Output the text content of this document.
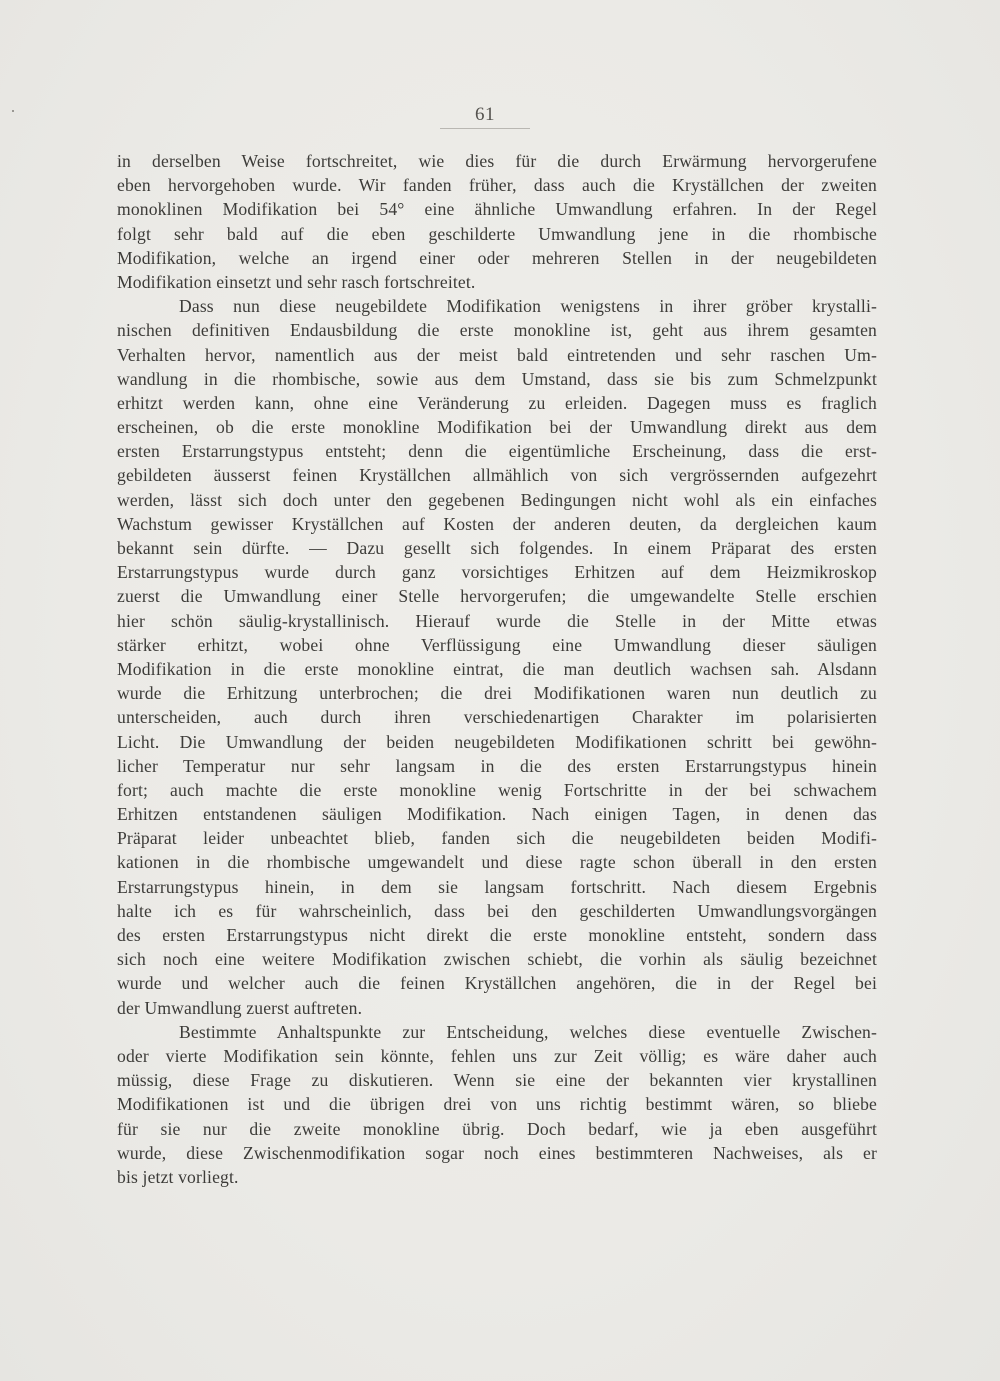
61
in derselben Weise fortschreitet, wie dies für die durch Erwärmung hervorgerufene
eben hervorgehoben wurde. Wir fanden früher, dass auch die Kryställchen der zweiten
monoklinen Modifikation bei 54° eine ähnliche Umwandlung erfahren. In der Regel
folgt sehr bald auf die eben geschilderte Umwandlung jene in die rhombische
Modifikation, welche an irgend einer oder mehreren Stellen in der neugebildeten
Modifikation einsetzt und sehr rasch fortschreitet.
Dass nun diese neugebildete Modifikation wenigstens in ihrer gröber krystalli-
nischen definitiven Endausbildung die erste monokline ist, geht aus ihrem gesamten
Verhalten hervor, namentlich aus der meist bald eintretenden und sehr raschen Um-
wandlung in die rhombische, sowie aus dem Umstand, dass sie bis zum Schmelzpunkt
erhitzt werden kann, ohne eine Veränderung zu erleiden. Dagegen muss es fraglich
erscheinen, ob die erste monokline Modifikation bei der Umwandlung direkt aus dem
ersten Erstarrungstypus entsteht; denn die eigentümliche Erscheinung, dass die erst-
gebildeten äusserst feinen Kryställchen allmählich von sich vergrössernden aufgezehrt
werden, lässt sich doch unter den gegebenen Bedingungen nicht wohl als ein einfaches
Wachstum gewisser Kryställchen auf Kosten der anderen deuten, da dergleichen kaum
bekannt sein dürfte. — Dazu gesellt sich folgendes. In einem Präparat des ersten
Erstarrungstypus wurde durch ganz vorsichtiges Erhitzen auf dem Heizmikroskop
zuerst die Umwandlung einer Stelle hervorgerufen; die umgewandelte Stelle erschien
hier schön säulig-krystallinisch. Hierauf wurde die Stelle in der Mitte etwas
stärker erhitzt, wobei ohne Verflüssigung eine Umwandlung dieser säuligen
Modifikation in die erste monokline eintrat, die man deutlich wachsen sah. Alsdann
wurde die Erhitzung unterbrochen; die drei Modifikationen waren nun deutlich zu
unterscheiden, auch durch ihren verschiedenartigen Charakter im polarisierten
Licht. Die Umwandlung der beiden neugebildeten Modifikationen schritt bei gewöhn-
licher Temperatur nur sehr langsam in die des ersten Erstarrungstypus hinein
fort; auch machte die erste monokline wenig Fortschritte in der bei schwachem
Erhitzen entstandenen säuligen Modifikation. Nach einigen Tagen, in denen das
Präparat leider unbeachtet blieb, fanden sich die neugebildeten beiden Modifi-
kationen in die rhombische umgewandelt und diese ragte schon überall in den ersten
Erstarrungstypus hinein, in dem sie langsam fortschritt. Nach diesem Ergebnis
halte ich es für wahrscheinlich, dass bei den geschilderten Umwandlungsvorgängen
des ersten Erstarrungstypus nicht direkt die erste monokline entsteht, sondern dass
sich noch eine weitere Modifikation zwischen schiebt, die vorhin als säulig bezeichnet
wurde und welcher auch die feinen Kryställchen angehören, die in der Regel bei
der Umwandlung zuerst auftreten.
Bestimmte Anhaltspunkte zur Entscheidung, welches diese eventuelle Zwischen-
oder vierte Modifikation sein könnte, fehlen uns zur Zeit völlig; es wäre daher auch
müssig, diese Frage zu diskutieren. Wenn sie eine der bekannten vier krystallinen
Modifikationen ist und die übrigen drei von uns richtig bestimmt wären, so bliebe
für sie nur die zweite monokline übrig. Doch bedarf, wie ja eben ausgeführt
wurde, diese Zwischenmodifikation sogar noch eines bestimmteren Nachweises, als er
bis jetzt vorliegt.
